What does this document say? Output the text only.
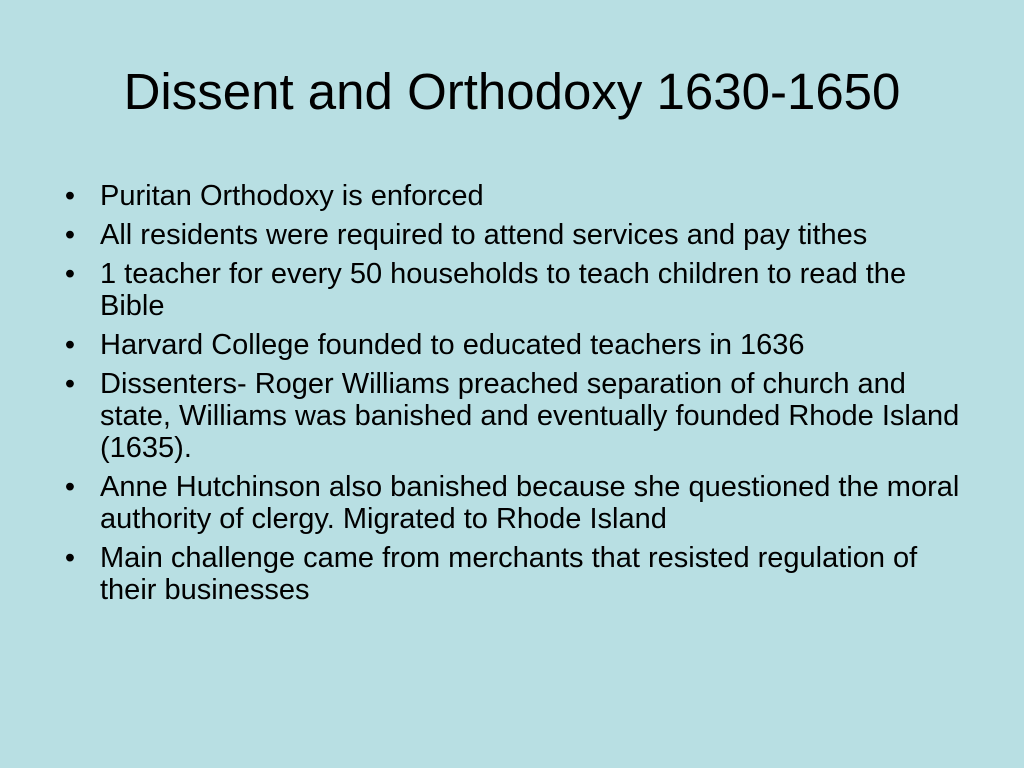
Dissent and Orthodoxy 1630-1650
• Puritan Orthodoxy is enforced
• All residents were required to attend services and pay tithes
• 1 teacher for every 50 households to teach children to read the Bible
• Harvard College founded to educated teachers in 1636
• Dissenters- Roger Williams preached separation of church and state, Williams was banished and eventually founded Rhode Island (1635).
• Anne Hutchinson also banished because she questioned the moral authority of clergy. Migrated to Rhode Island
• Main challenge came from merchants that resisted regulation of their businesses
